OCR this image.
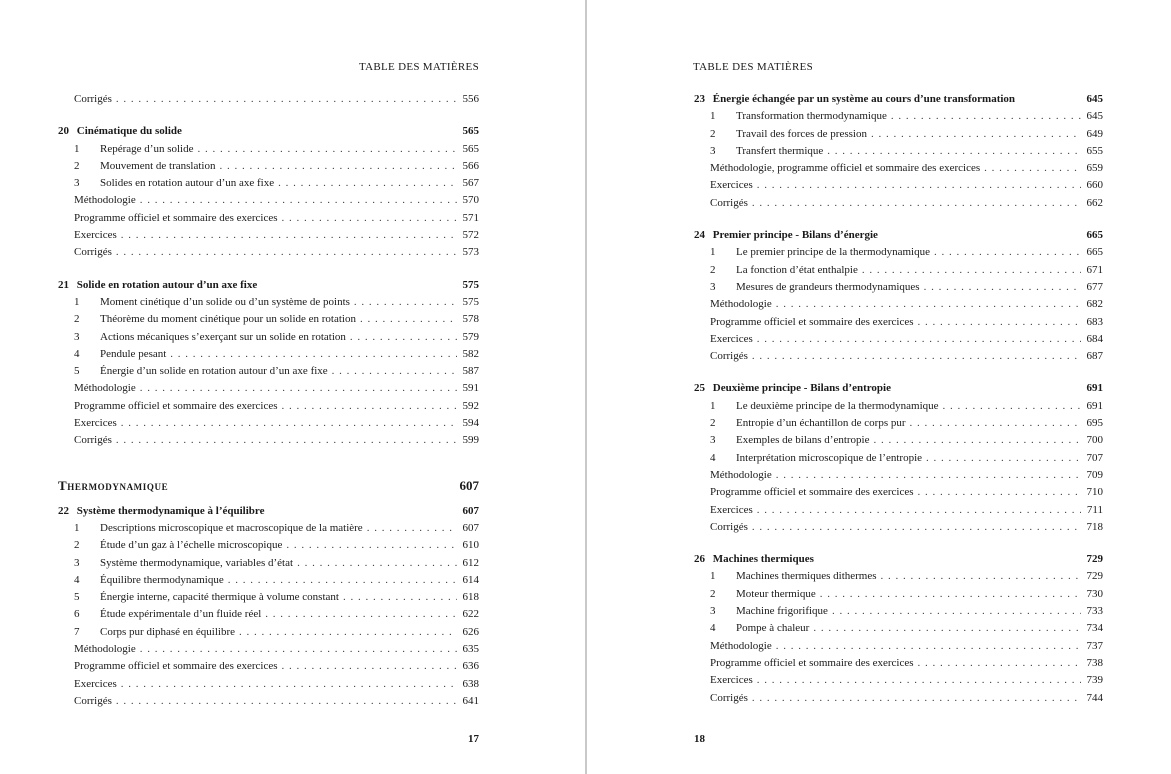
TABLE DES MATIÈRES
Corrigés . . .	556
20 Cinématique du solide	565
1	Repérage d’un solide . . .	565
2	Mouvement de translation . . .	566
3	Solides en rotation autour d’un axe fixe . . .	567
Méthodologie . . .	570
Programme officiel et sommaire des exercices . . .	571
Exercices . . .	572
Corrigés . . .	573
21 Solide en rotation autour d’un axe fixe	575
1	Moment cinétique d’un solide ou d’un système de points . . .	575
2	Théorème du moment cinétique pour un solide en rotation . . .	578
3	Actions mécaniques s’exerçant sur un solide en rotation . . .	579
4	Pendule pesant . . .	582
5	Énergie d’un solide en rotation autour d’un axe fixe . . .	587
Méthodologie . . .	591
Programme officiel et sommaire des exercices . . .	592
Exercices . . .	594
Corrigés . . .	599
Thermodynamique	607
22 Système thermodynamique à l’équilibre	607
1	Descriptions microscopique et macroscopique de la matière . . .	607
2	Étude d’un gaz à l’échelle microscopique . . .	610
3	Système thermodynamique, variables d’état . . .	612
4	Équilibre thermodynamique . . .	614
5	Énergie interne, capacité thermique à volume constant . . .	618
6	Étude expérimentale d’un fluide réel . . .	622
7	Corps pur diphasé en équilibre . . .	626
Méthodologie . . .	635
Programme officiel et sommaire des exercices . . .	636
Exercices . . .	638
Corrigés . . .	641
17
TABLE DES MATIÈRES
23 Énergie échangée par un système au cours d’une transformation	645
1	Transformation thermodynamique . . .	645
2	Travail des forces de pression . . .	649
3	Transfert thermique . . .	655
Méthodologie, programme officiel et sommaire des exercices . . .	659
Exercices . . .	660
Corrigés . . .	662
24 Premier principe - Bilans d’énergie	665
1	Le premier principe de la thermodynamique . . .	665
2	La fonction d’état enthalpie . . .	671
3	Mesures de grandeurs thermodynamiques . . .	677
Méthodologie . . .	682
Programme officiel et sommaire des exercices . . .	683
Exercices . . .	684
Corrigés . . .	687
25 Deuxième principe - Bilans d’entropie	691
1	Le deuxième principe de la thermodynamique . . .	691
2	Entropie d’un échantillon de corps pur . . .	695
3	Exemples de bilans d’entropie . . .	700
4	Interprétation microscopique de l’entropie . . .	707
Méthodologie . . .	709
Programme officiel et sommaire des exercices . . .	710
Exercices . . .	711
Corrigés . . .	718
26 Machines thermiques	729
1	Machines thermiques dithermes . . .	729
2	Moteur thermique . . .	730
3	Machine frigorifique . . .	733
4	Pompe à chaleur . . .	734
Méthodologie . . .	737
Programme officiel et sommaire des exercices . . .	738
Exercices . . .	739
Corrigés . . .	744
18
